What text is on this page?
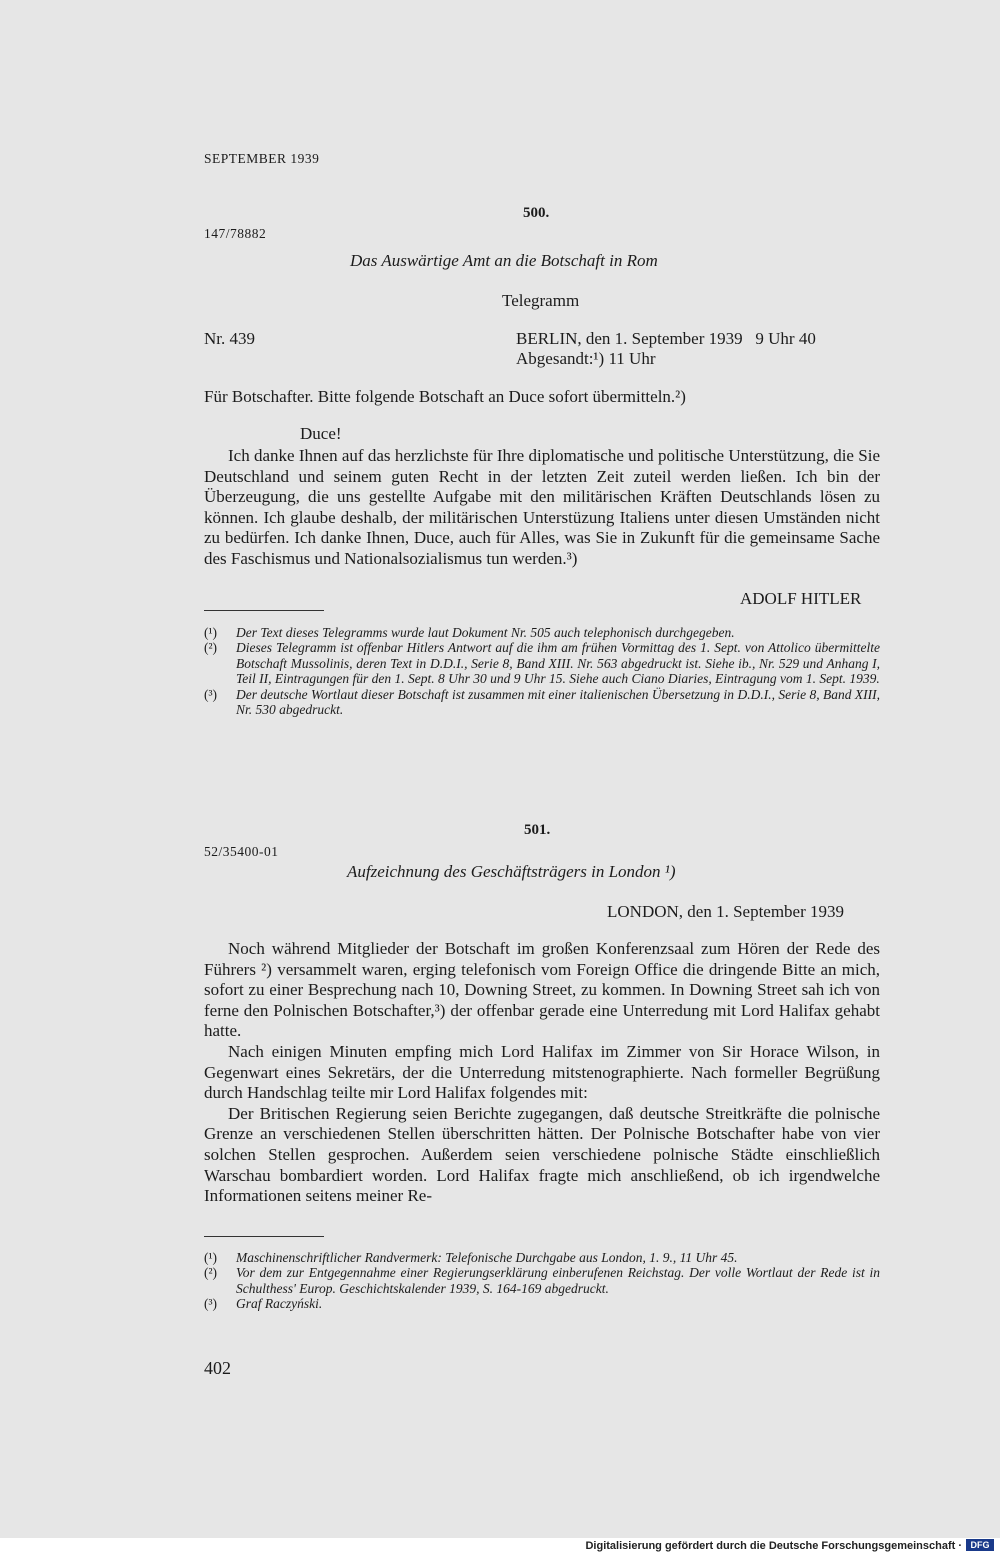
SEPTEMBER 1939
500.
147/78882
Das Auswärtige Amt an die Botschaft in Rom
Telegramm
Nr. 439	BERLIN, den 1. September 1939   9 Uhr 40
Abgesandt:¹) 11 Uhr
Für Botschafter. Bitte folgende Botschaft an Duce sofort übermitteln.²)
Duce!

Ich danke Ihnen auf das herzlichste für Ihre diplomatische und politische Unterstützung, die Sie Deutschland und seinem guten Recht in der letzten Zeit zuteil werden ließen. Ich bin der Überzeugung, die uns gestellte Aufgabe mit den militärischen Kräften Deutschlands lösen zu können. Ich glaube deshalb, der militärischen Unterstüzung Italiens unter diesen Umständen nicht zu bedürfen. Ich danke Ihnen, Duce, auch für Alles, was Sie in Zukunft für die gemeinsame Sache des Faschismus und Nationalsozialismus tun werden.³)

ADOLF HITLER
(¹)	Der Text dieses Telegramms wurde laut Dokument Nr. 505 auch telephonisch durchgegeben.
(²)	Dieses Telegramm ist offenbar Hitlers Antwort auf die ihm am frühen Vormittag des 1. Sept. von Attolico übermittelte Botschaft Mussolinis, deren Text in D.D.I., Serie 8, Band XIII. Nr. 563 abgedruckt ist. Siehe ib., Nr. 529 und Anhang I, Teil II, Eintragungen für den 1. Sept. 8 Uhr 30 und 9 Uhr 15. Siehe auch Ciano Diaries, Eintragung vom 1. Sept. 1939.
(³)	Der deutsche Wortlaut dieser Botschaft ist zusammen mit einer italienischen Übersetzung in D.D.I., Serie 8, Band XIII, Nr. 530 abgedruckt.
501.
52/35400-01
Aufzeichnung des Geschäftsträgers in London ¹)
LONDON, den 1. September 1939

Noch während Mitglieder der Botschaft im großen Konferenzsaal zum Hören der Rede des Führers ²) versammelt waren, erging telefonisch vom Foreign Office die dringende Bitte an mich, sofort zu einer Besprechung nach 10, Downing Street, zu kommen. In Downing Street sah ich von ferne den Polnischen Botschafter,³) der offenbar gerade eine Unterredung mit Lord Halifax gehabt hatte.

Nach einigen Minuten empfing mich Lord Halifax im Zimmer von Sir Horace Wilson, in Gegenwart eines Sekretärs, der die Unterredung mitstenographierte. Nach formeller Begrüßung durch Handschlag teilte mir Lord Halifax folgendes mit:

Der Britischen Regierung seien Berichte zugegangen, daß deutsche Streitkräfte die polnische Grenze an verschiedenen Stellen überschritten hätten. Der Polnische Botschafter habe von vier solchen Stellen gesprochen. Außerdem seien verschiedene polnische Städte einschließlich Warschau bombardiert worden. Lord Halifax fragte mich anschließend, ob ich irgendwelche Informationen seitens meiner Re-

(¹)	Maschinenschriftlicher Randvermerk: Telefonische Durchgabe aus London, 1. 9., 11 Uhr 45.
(²)	Vor dem zur Entgegennahme einer Regierungserklärung einberufenen Reichstag. Der volle Wortlaut der Rede ist in Schulthess' Europ. Geschichtskalender 1939, S. 164-169 abgedruckt.
(³)	Graf Raczyński.
402
Digitalisierung gefördert durch die Deutsche Forschungsgemeinschaft · DFG
